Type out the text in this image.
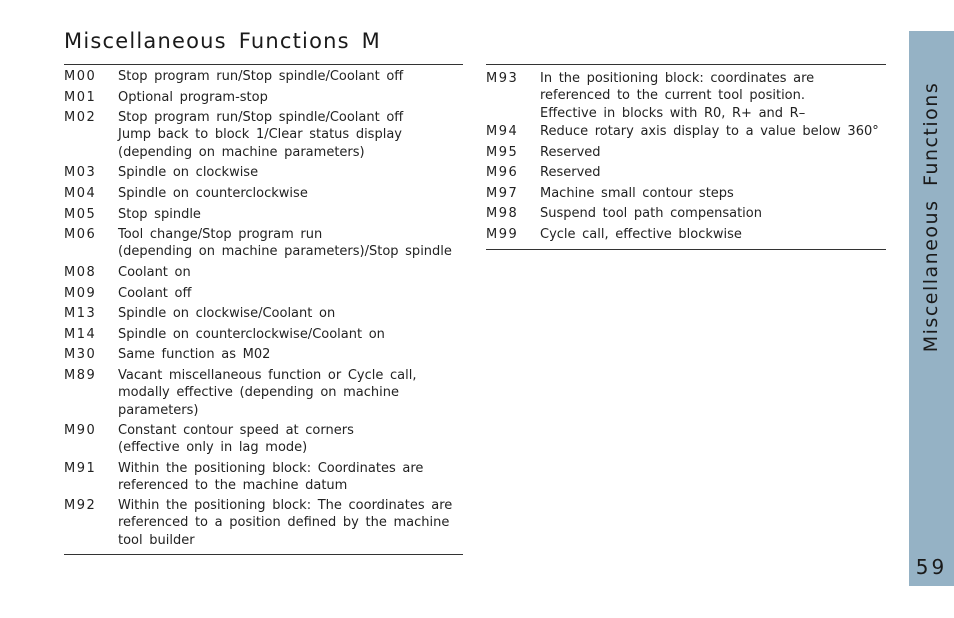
Miscellaneous Functions M
M00 Stop program run/Stop spindle/Coolant off
M01 Optional program-stop
M02 Stop program run/Stop spindle/Coolant off
Jump back to block 1/Clear status display
(depending on machine parameters)
M03 Spindle on clockwise
M04 Spindle on counterclockwise
M05 Stop spindle
M06 Tool change/Stop program run
(depending on machine parameters)/Stop spindle
M08 Coolant on
M09 Coolant off
M13 Spindle on clockwise/Coolant on
M14 Spindle on counterclockwise/Coolant on
M30 Same function as M02
M89 Vacant miscellaneous function or Cycle call,
modally effective (depending on machine
parameters)
M90 Constant contour speed at corners
(effective only in lag mode)
M91 Within the positioning block: Coordinates are
referenced to the machine datum
M92 Within the positioning block: The coordinates are
referenced to a position defined by the machine
tool builder
M93 In the positioning block: coordinates are
referenced to the current tool position.
Effective in blocks with R0, R+ and R–
M94 Reduce rotary axis display to a value below 360°
M95 Reserved
M96 Reserved
M97 Machine small contour steps
M98 Suspend tool path compensation
M99 Cycle call, effective blockwise	Miscellaneous Functions
59
